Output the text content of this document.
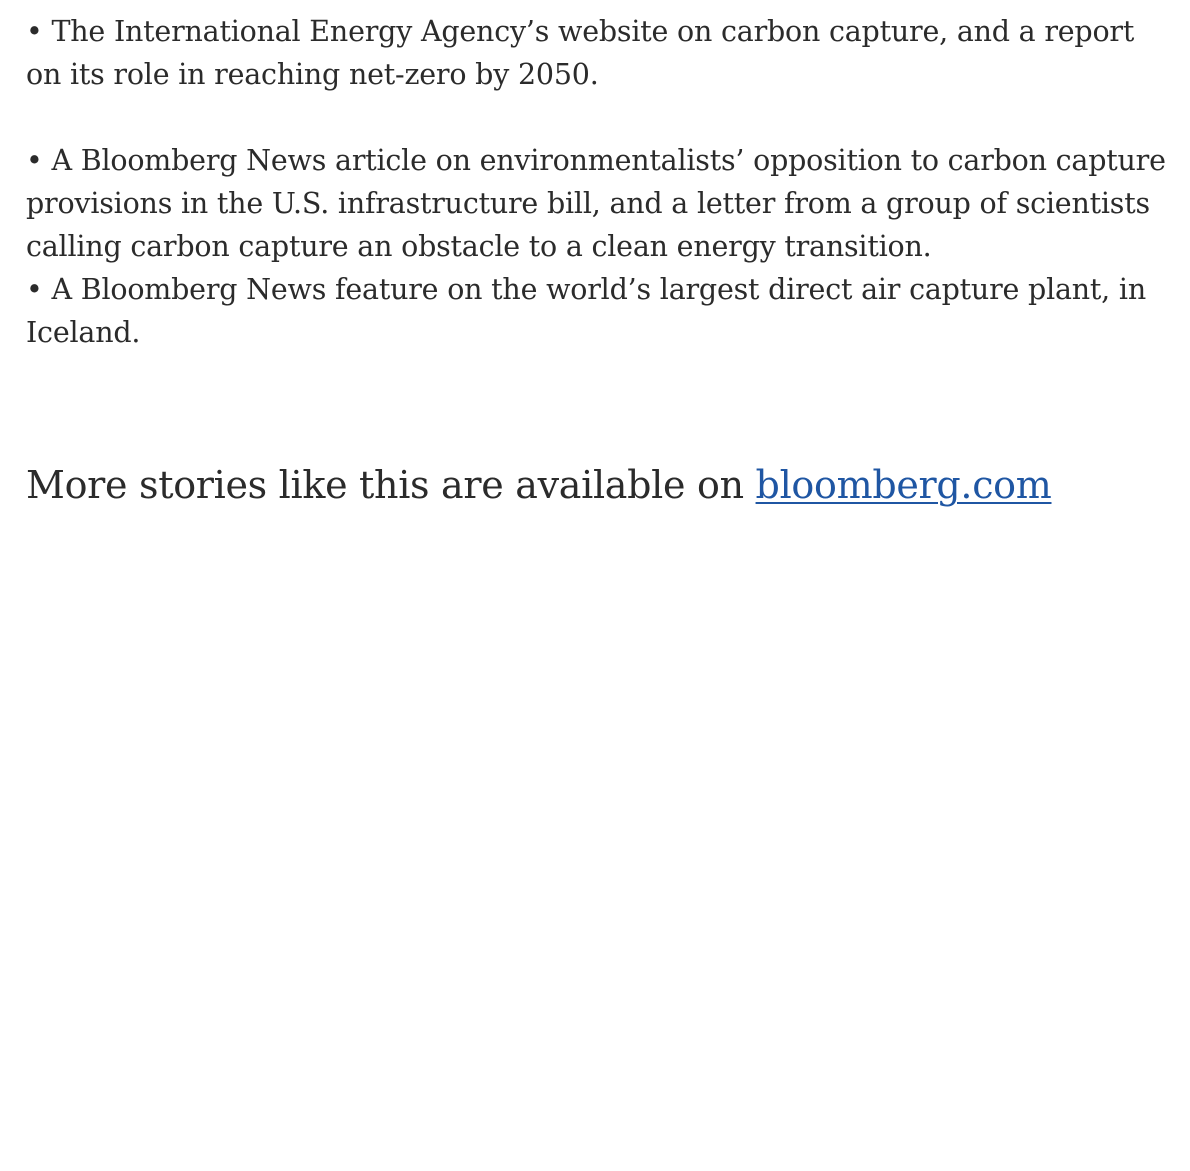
• The International Energy Agency’s website on carbon capture, and a report on its role in reaching net-zero by 2050.

• A Bloomberg News article on environmentalists’ opposition to carbon capture provisions in the U.S. infrastructure bill, and a letter from a group of scientists calling carbon capture an obstacle to a clean energy transition.

• A Bloomberg News feature on the world’s largest direct air capture plant, in Iceland.

More stories like this are available on bloomberg.com
